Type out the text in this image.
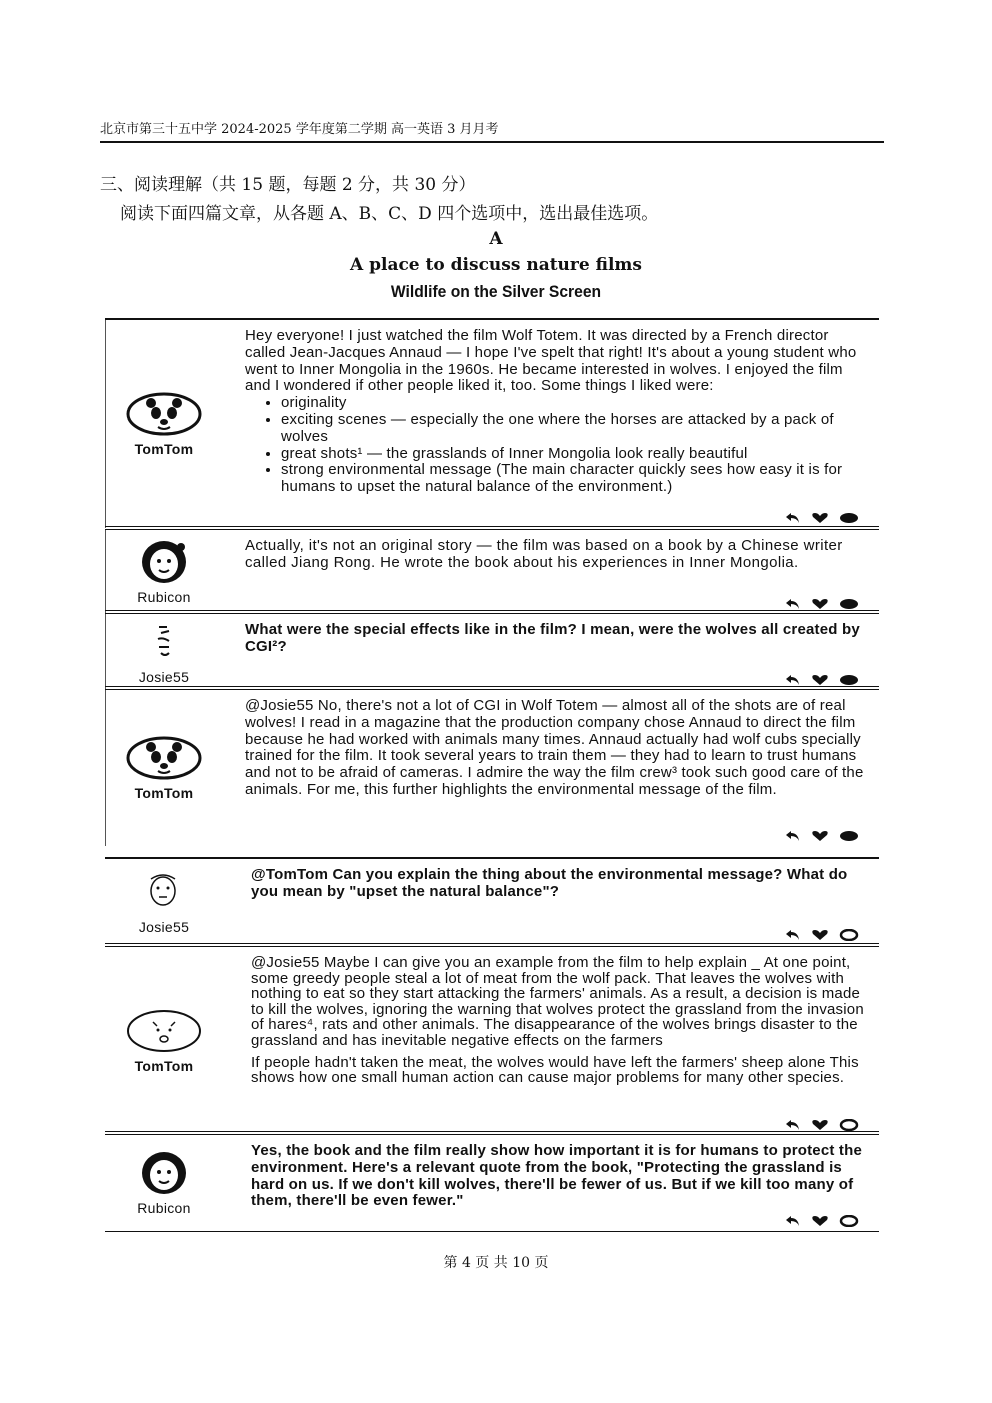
北京市第三十五中学 2024-2025 学年度第二学期 高一英语 3 月月考
三、阅读理解（共 15 题，每题 2 分，共 30 分）
阅读下面四篇文章，从各题 A、B、C、D 四个选项中，选出最佳选项。
A
A place to discuss nature films
Wildlife on the Silver Screen
TomTom
Hey everyone! I just watched the film Wolf Totem. It was directed by a French director called Jean-Jacques Annaud — I hope I've spelt that right! It's about a young student who went to Inner Mongolia in the 1960s. He became interested in wolves. I enjoyed the film and I wondered if other people liked it, too. Some things I liked were:
• originality
• exciting scenes — especially the one where the horses are attacked by a pack of wolves
• great shots¹ — the grasslands of Inner Mongolia look really beautiful
• strong environmental message (The main character quickly sees how easy it is for humans to upset the natural balance of the environment.)
Rubicon
Actually, it's not an original story — the film was based on a book by a Chinese writer called Jiang Rong. He wrote the book about his experiences in Inner Mongolia.
Josie55
What were the special effects like in the film? I mean, were the wolves all created by CGI²?
TomTom
@Josie55 No, there's not a lot of CGI in Wolf Totem — almost all of the shots are of real wolves! I read in a magazine that the production company chose Annaud to direct the film because he had worked with animals many times. Annaud actually had wolf cubs specially trained for the film. It took several years to train them — they had to learn to trust humans and not to be afraid of cameras. I admire the way the film crew³ took such good care of the animals. For me, this further highlights the environmental message of the film.
Josie55
@TomTom Can you explain the thing about the environmental message? What do you mean by "upset the natural balance"?
TomTom
@Josie55 Maybe I can give you an example from the film to help explain _ At one point, some greedy people steal a lot of meat from the wolf pack. That leaves the wolves with nothing to eat so they start attacking the farmers' animals. As a result, a decision is made to kill the wolves, ignoring the warning that wolves protect the grassland from the invasion of hares⁴, rats and other animals. The disappearance of the wolves brings disaster to the grassland and has inevitable negative effects on the farmers
If people hadn't taken the meat, the wolves would have left the farmers' sheep alone This shows how one small human action can cause major problems for many other species.
Rubicon
Yes, the book and the film really show how important it is for humans to protect the environment. Here's a relevant quote from the book, "Protecting the grassland is hard on us. If we don't kill wolves, there'll be fewer of us. But if we kill too many of them, there'll be even fewer."
第 4 页 共 10 页
